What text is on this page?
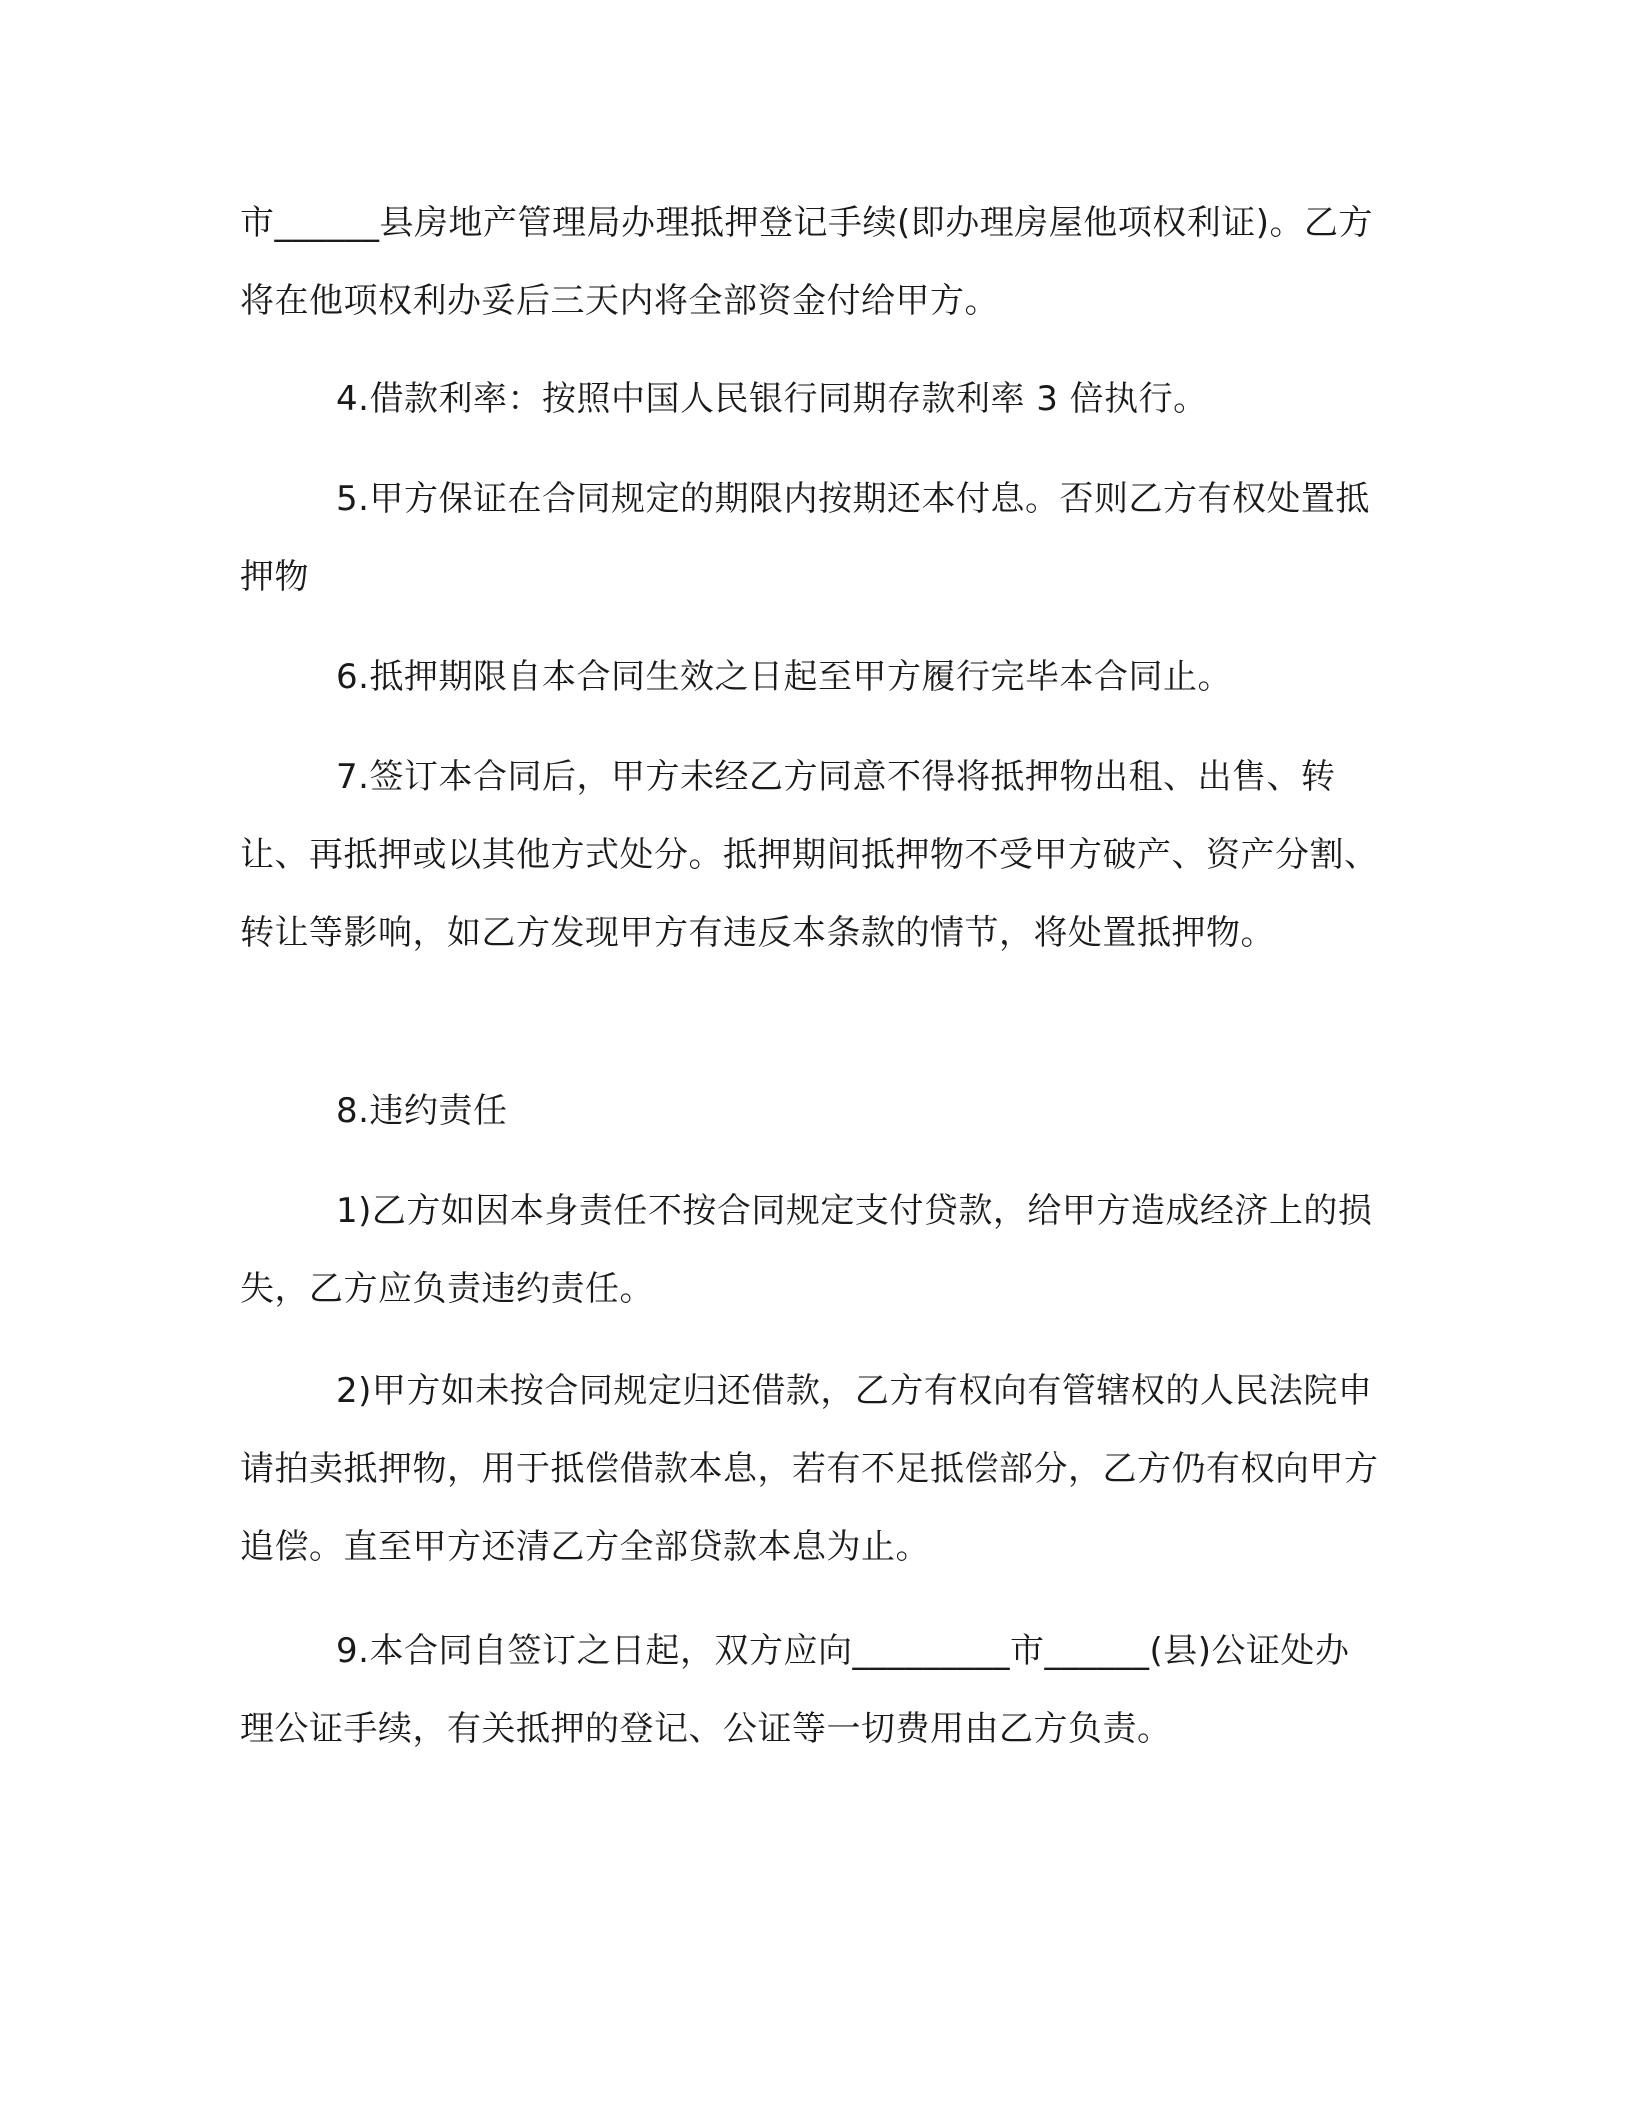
市______县房地产管理局办理抵押登记手续(即办理房屋他项权利证)。乙方将在他项权利办妥后三天内将全部资金付给甲方。
4.借款利率：按照中国人民银行同期存款利率 3 倍执行。
5.甲方保证在合同规定的期限内按期还本付息。否则乙方有权处置抵押物
6.抵押期限自本合同生效之日起至甲方履行完毕本合同止。
7.签订本合同后，甲方未经乙方同意不得将抵押物出租、出售、转让、再抵押或以其他方式处分。抵押期间抵押物不受甲方破产、资产分割、转让等影响，如乙方发现甲方有违反本条款的情节，将处置抵押物。
8.违约责任
1)乙方如因本身责任不按合同规定支付贷款，给甲方造成经济上的损失，乙方应负责违约责任。
2)甲方如未按合同规定归还借款，乙方有权向有管辖权的人民法院申请拍卖抵押物，用于抵偿借款本息，若有不足抵偿部分，乙方仍有权向甲方追偿。直至甲方还清乙方全部贷款本息为止。
9.本合同自签订之日起，双方应向_________市______(县)公证处办理公证手续，有关抵押的登记、公证等一切费用由乙方负责。
